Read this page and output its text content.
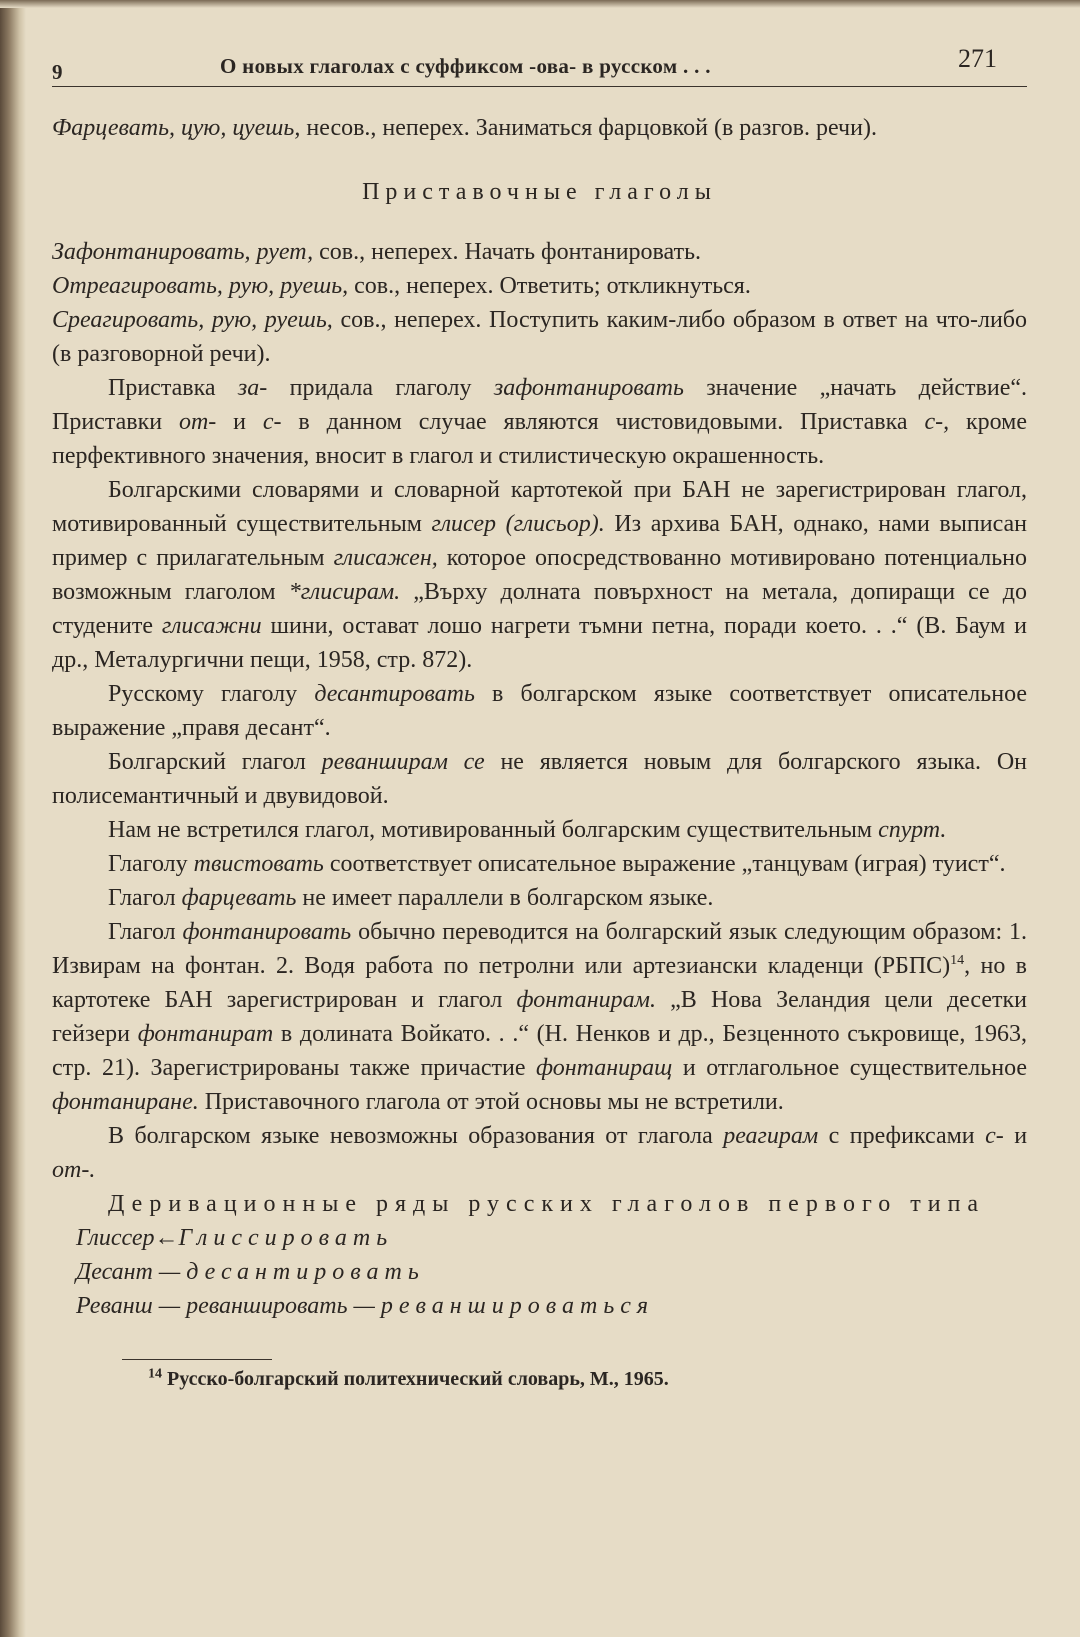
9	О новых глаголах с суффиксом -ова- в русском . . .	271

Фарцевать, цую, цуешь, несов., неперех. Заниматься фарцовкой (в разгов. речи).

Приставочные глаголы

Зафонтанировать, рует, сов., неперех. Начать фонтанировать.

Отреагировать, рую, руешь, сов., неперех. Ответить; откликнуться.

Среагировать, рую, руешь, сов., неперех. Поступить каким-либо образом в ответ на что-либо (в разговорной речи).

Приставка за- придала глаголу зафонтанировать значение „начать действие“. Приставки от- и с- в данном случае являются чистовидовыми. Приставка с-, кроме перфективного значения, вносит в глагол и стилистическую окрашенность.

Болгарскими словарями и словарной картотекой при БАН не зарегистрирован глагол, мотивированный существительным глисер (глисьор). Из архива БАН, однако, нами выписан пример с прилагательным глисажен, которое опосредствованно мотивировано потенциально возможным глаголом *глисирам. „Върху долната повърхност на метала, допиращи се до студените глисажни шини, остават лошо нагрети тъмни петна, поради което. . .“ (В. Баум и др., Металургични пещи, 1958, стр. 872).

Русскому глаголу десантировать в болгарском языке соответствует описательное выражение „правя десант“.

Болгарский глагол реванширам се не является новым для болгарского языка. Он полисемантичный и двувидовой.

Нам не встретился глагол, мотивированный болгарским существительным спурт.

Глаголу твистовать соответствует описательное выражение „танцувам (играя) туист“.

Глагол фарцевать не имеет параллели в болгарском языке.

Глагол фонтанировать обычно переводится на болгарский язык следующим образом: 1. Извирам на фонтан. 2. Водя работа по петролни или артезиански кладенци (РБПС)$^{14}$, но в картотеке БАН зарегистрирован и глагол фонтанирам. „В Нова Зеландия цели десетки гейзери фонтанират в долината Войкато. . .“ (Н. Ненков и др., Безценното съкровище, 1963, стр. 21). Зарегистрированы также причастие фонтаниращ и отглагольное существительное фонтаниране. Приставочного глагола от этой основы мы не встретили.

В болгарском языке невозможны образования от глагола реагирам с префиксами с- и от-.

Деривационные ряды русских глаголов первого типа

Глиссер←Глиссировать

Десант — десантировать

Реванш — реваншировать — реваншироваться

$^{14}$ Русско-болгарский политехнический словарь, М., 1965.
